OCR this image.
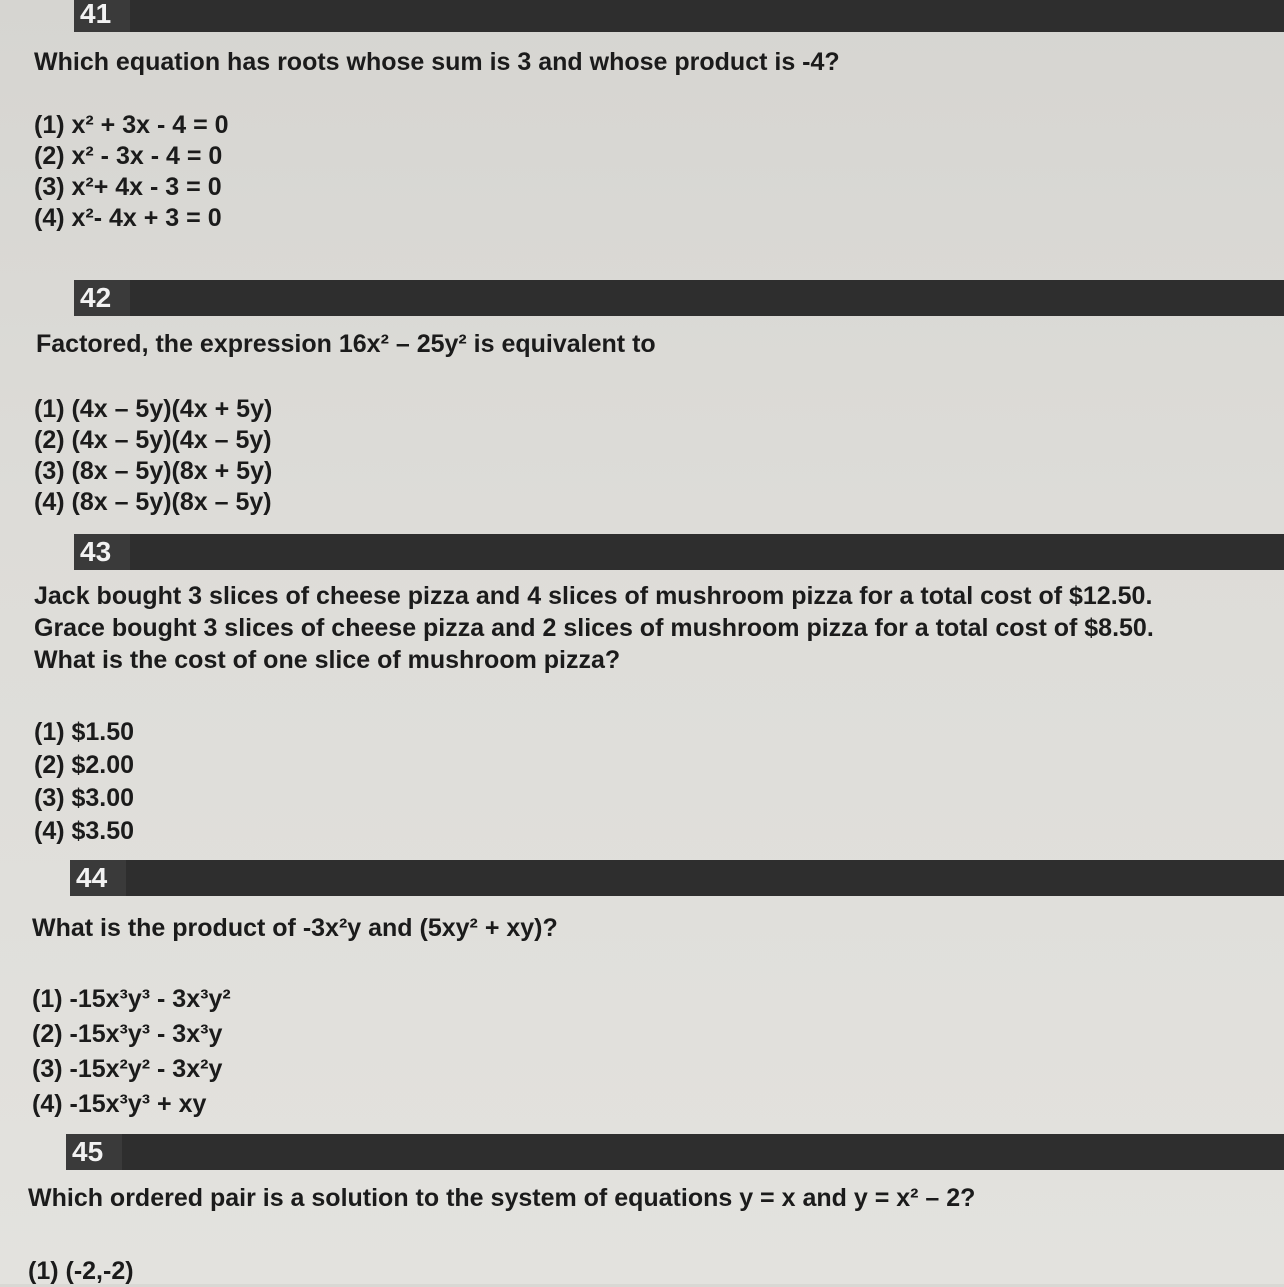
41
Which equation has roots whose sum is 3 and whose product is -4?
(1) x² + 3x - 4 = 0
(2) x² - 3x - 4 = 0
(3) x²+ 4x - 3 = 0
(4) x²- 4x + 3 = 0
42
Factored, the expression 16x² – 25y² is equivalent to
(1) (4x – 5y)(4x + 5y)
(2) (4x – 5y)(4x – 5y)
(3) (8x – 5y)(8x + 5y)
(4) (8x – 5y)(8x – 5y)
43
Jack bought 3 slices of cheese pizza and 4 slices of mushroom pizza for a total cost of $12.50.
Grace bought 3 slices of cheese pizza and 2 slices of mushroom pizza for a total cost of $8.50.
What is the cost of one slice of mushroom pizza?
(1) $1.50
(2) $2.00
(3) $3.00
(4) $3.50
44
What is the product of -3x²y and (5xy² + xy)?
(1) -15x³y³ - 3x³y²
(2) -15x³y³ - 3x³y
(3) -15x²y² - 3x²y
(4) -15x³y³ + xy
45
Which ordered pair is a solution to the system of equations y = x and y = x² – 2?
(1) (-2,-2)
